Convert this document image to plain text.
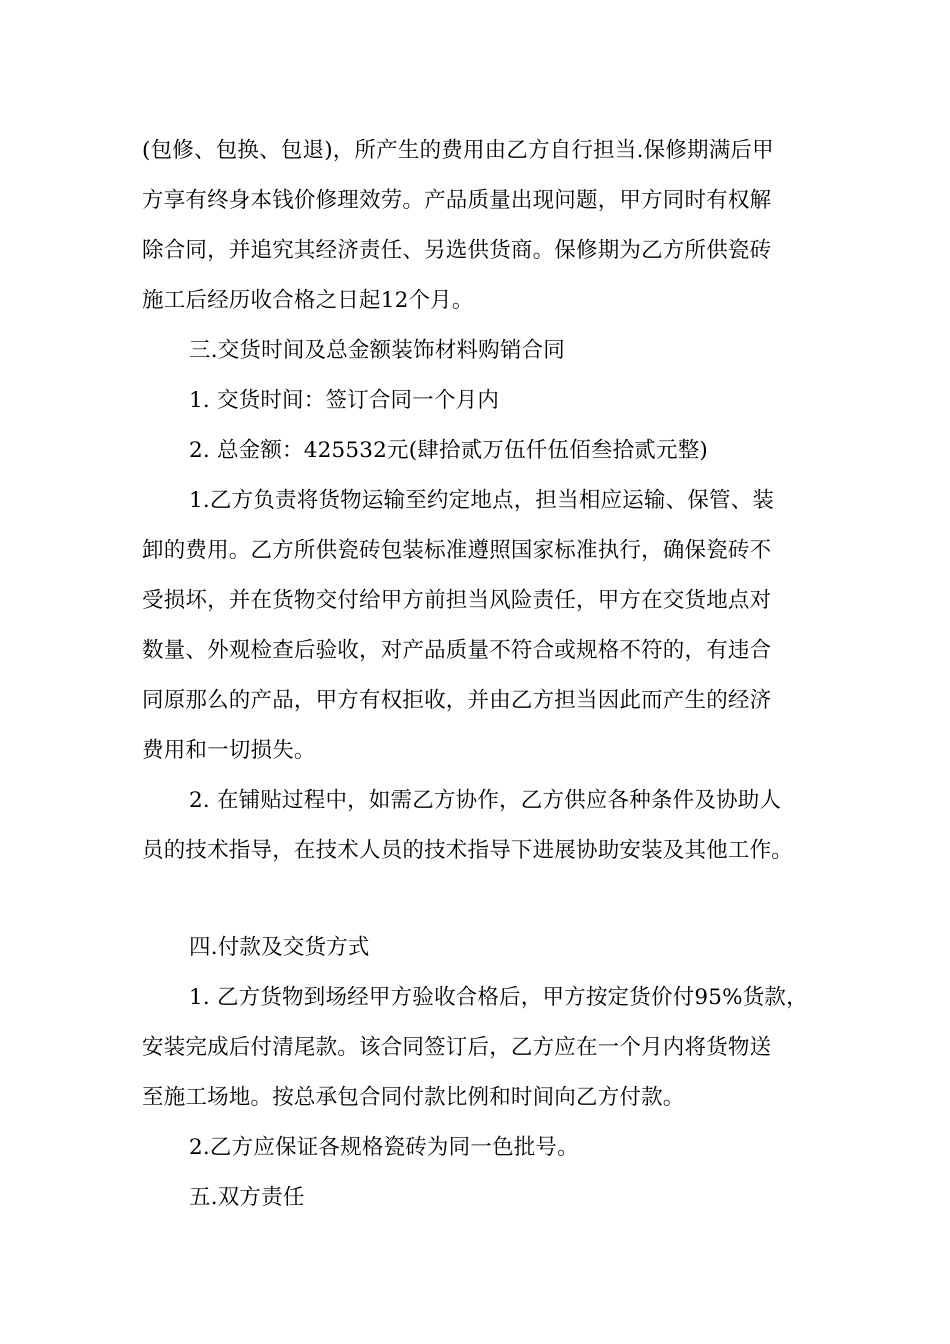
(包修、包换、包退)，所产生的费用由乙方自行担当.保修期满后甲
方享有终身本钱价修理效劳。产品质量出现问题，甲方同时有权解
除合同，并追究其经济责任、另选供货商。保修期为乙方所供瓷砖
施工后经历收合格之日起12个月。
三.交货时间及总金额装饰材料购销合同
1. 交货时间：签订合同一个月内
2. 总金额：425532元(肆拾贰万伍仟伍佰叁拾贰元整)
1.乙方负责将货物运输至约定地点，担当相应运输、保管、装
卸的费用。乙方所供瓷砖包装标准遵照国家标准执行，确保瓷砖不
受损坏，并在货物交付给甲方前担当风险责任，甲方在交货地点对
数量、外观检查后验收，对产品质量不符合或规格不符的，有违合
同原那么的产品，甲方有权拒收，并由乙方担当因此而产生的经济
费用和一切损失。
2. 在铺贴过程中，如需乙方协作，乙方供应各种条件及协助人
员的技术指导，在技术人员的技术指导下进展协助安装及其他工作。
四.付款及交货方式
1. 乙方货物到场经甲方验收合格后，甲方按定货价付95%货款，
安装完成后付清尾款。该合同签订后，乙方应在一个月内将货物送
至施工场地。按总承包合同付款比例和时间向乙方付款。
2.乙方应保证各规格瓷砖为同一色批号。
五.双方责任
